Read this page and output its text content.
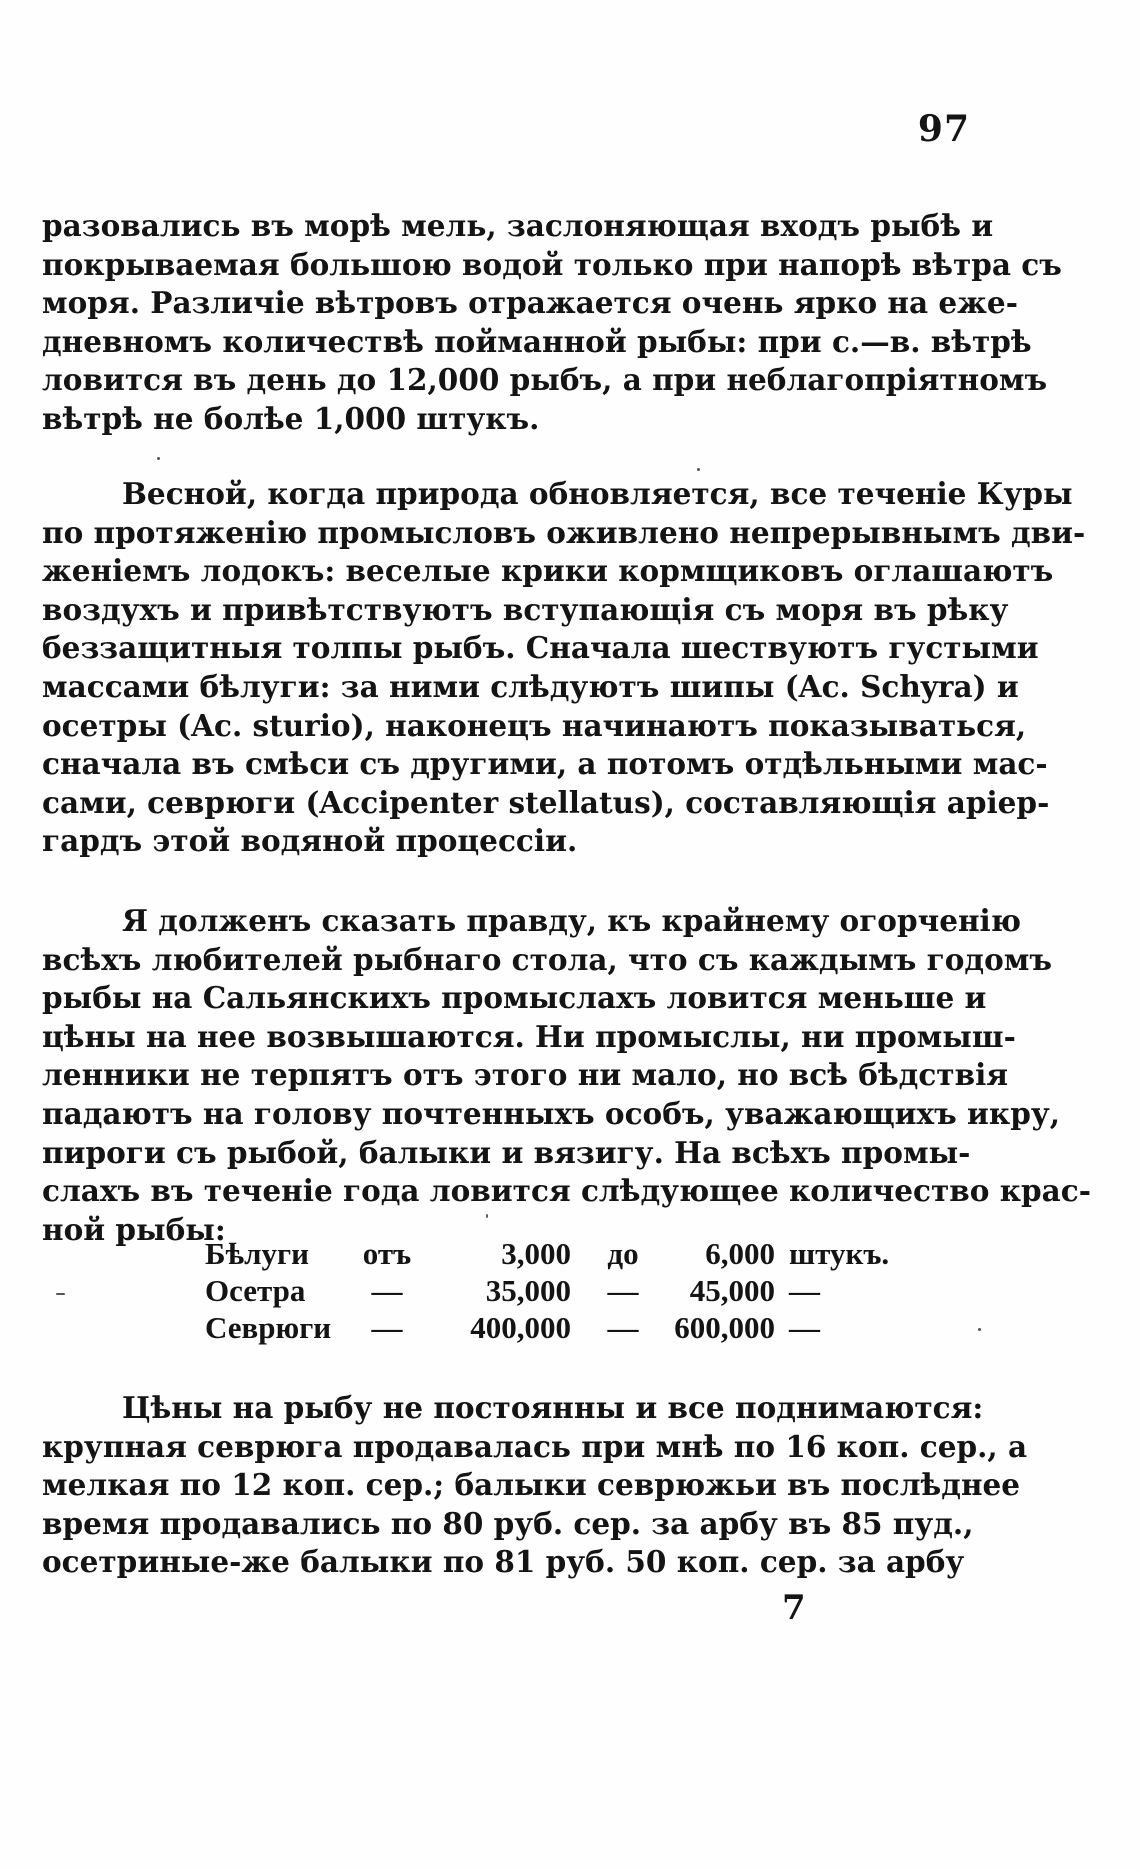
97
разовались въ морѣ мель, заслоняющая входъ рыбѣ и
покрываемая большою водой только при напорѣ вѣтра съ
моря. Различіе вѣтровъ отражается очень ярко на еже-
дневномъ количествѣ пойманной рыбы: при с.—в. вѣтрѣ
ловится въ день до 12,000 рыбъ, а при неблагопріятномъ
вѣтрѣ не болѣе 1,000 штукъ.
Весной, когда природа обновляется, все теченіе Куры
по протяженію промысловъ оживлено непрерывнымъ дви-
женіемъ лодокъ: веселые крики кормщиковъ оглашаютъ
воздухъ и привѣтствуютъ вступающія съ моря въ рѣку
беззащитныя толпы рыбъ. Сначала шествуютъ густыми
массами бѣлуги: за ними слѣдуютъ шипы (Ac. Schyra) и
осетры (Ac. sturio), наконецъ начинаютъ показываться,
сначала въ смѣси съ другими, а потомъ отдѣльными мас-
сами, севрюги (Accipenter stellatus), составляющія аріер-
гардъ этой водяной процессіи.
Я долженъ сказать правду, къ крайнему огорченію
всѣхъ любителей рыбнаго стола, что съ каждымъ годомъ
рыбы на Сальянскихъ промыслахъ ловится меньше и
цѣны на нее возвышаются. Ни промыслы, ни промыш-
ленники не терпятъ отъ этого ни мало, но всѣ бѣдствія
падаютъ на голову почтенныхъ особъ, уважающихъ икру,
пироги съ рыбой, балыки и вязигу. На всѣхъ промы-
слахъ въ теченіе года ловится слѣдующее количество крас-
ной рыбы:
Бѣлуги	отъ	3,000	до	6,000	штукъ.
Осетра	—	35,000	—	45,000	—
Севрюги	—	400,000	—	600,000	—
Цѣны на рыбу не постоянны и все поднимаются:
крупная севрюга продавалась при мнѣ по 16 коп. сер., а
мелкая по 12 коп. сер.; балыки севрюжьи въ послѣднее
время продавались по 80 руб. сер. за арбу въ 85 пуд.,
осетриные-же балыки по 81 руб. 50 коп. сер. за арбу
7
